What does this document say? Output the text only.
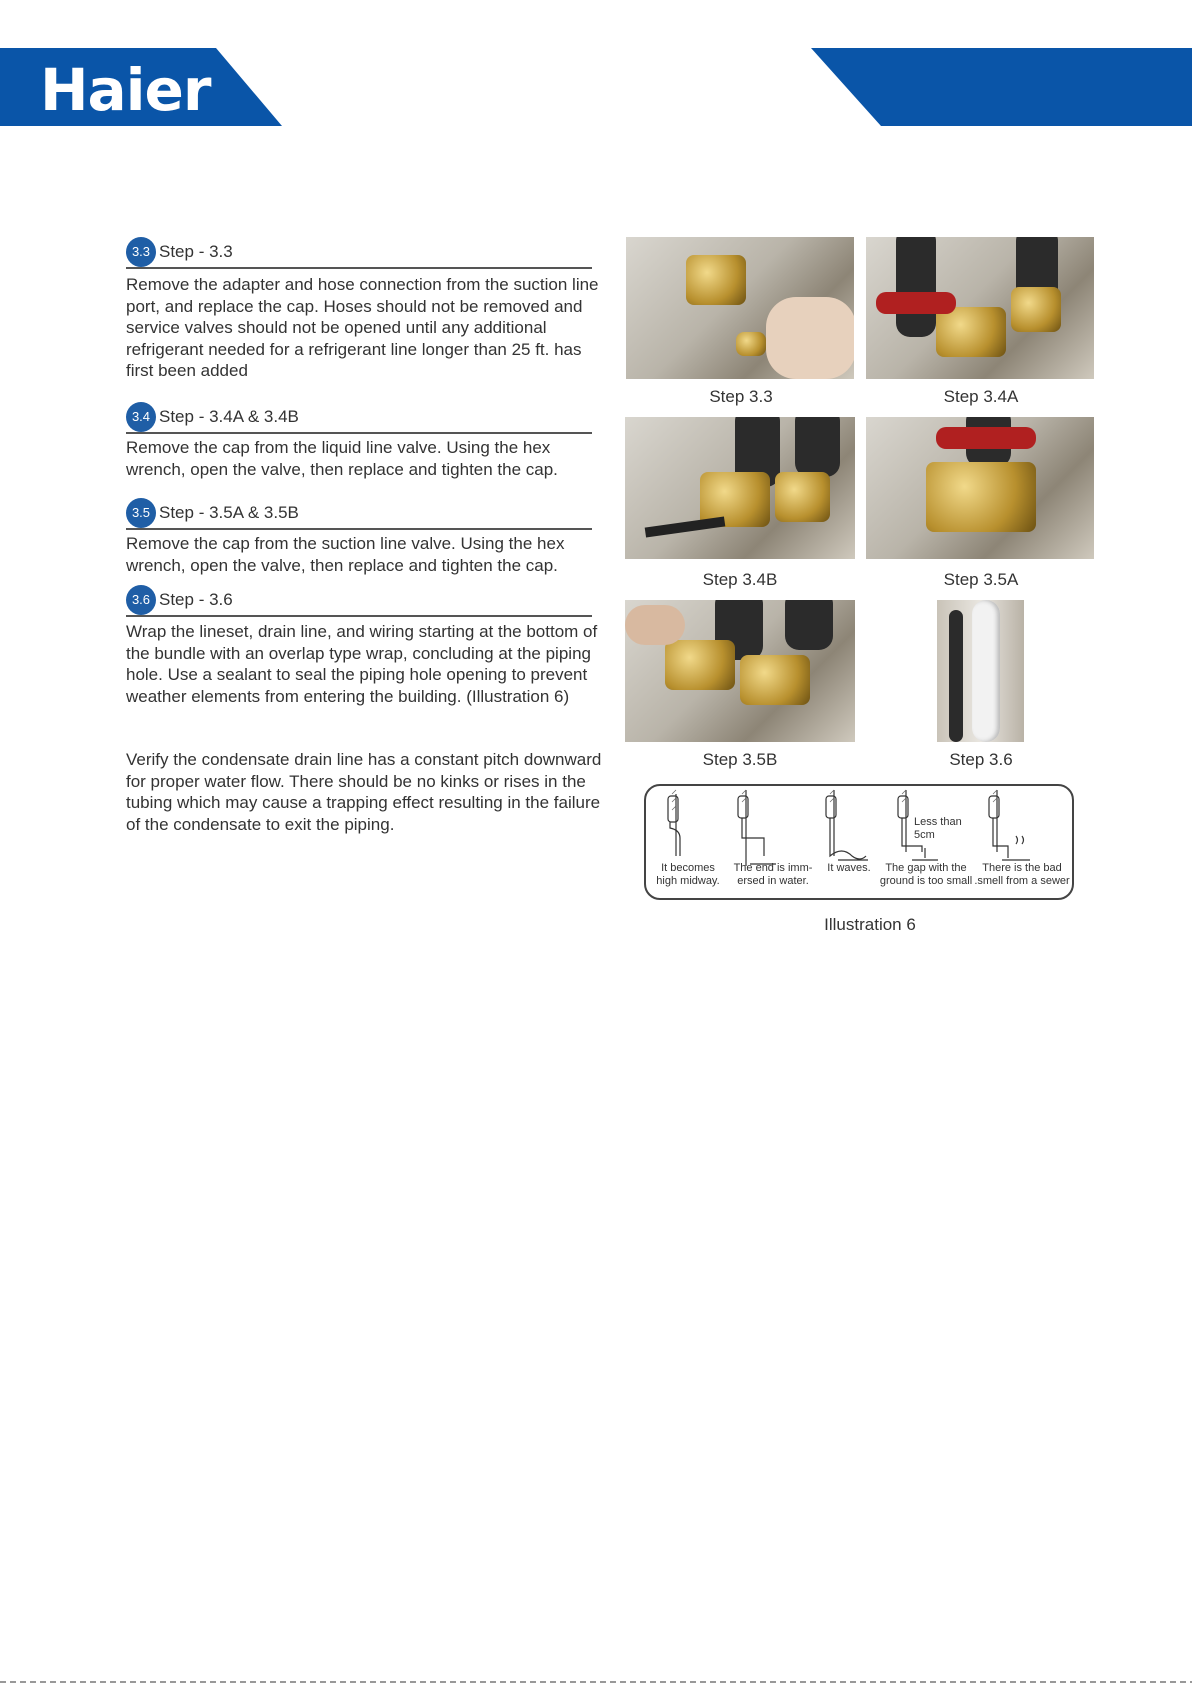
Haier
3.3 Step - 3.3
Remove the adapter and hose connection from the suction line port, and replace the cap. Hoses should not be removed and service valves should not be opened until any additional refrigerant needed for a refrigerant line longer than 25 ft. has first been added
3.4 Step - 3.4A & 3.4B
Remove the cap from the liquid line valve. Using the hex wrench, open the valve, then replace and tighten the cap.
3.5 Step - 3.5A & 3.5B
Remove the cap from the suction line valve. Using the hex wrench, open the valve, then replace and tighten the cap.
3.6 Step - 3.6
Wrap the lineset, drain line, and wiring starting at the bottom of the bundle with an overlap type wrap, concluding at the piping hole. Use a sealant to seal the piping hole opening to prevent weather elements from entering the building. (Illustration 6)
Verify the condensate drain line has a constant pitch downward for proper water flow. There should be no kinks or rises in the tubing which may cause a trapping effect resulting in the failure of the condensate to exit the piping.
Step 3.3	Step 3.4A
Step 3.4B	Step 3.5A
Step 3.5B	Step 3.6
Less than
5cm
It becomes
high midway.
The end is imm-
ersed in water.
It waves.	The gap with the
ground is too small
There is the bad
.smell from a sewer
Illustration 6
